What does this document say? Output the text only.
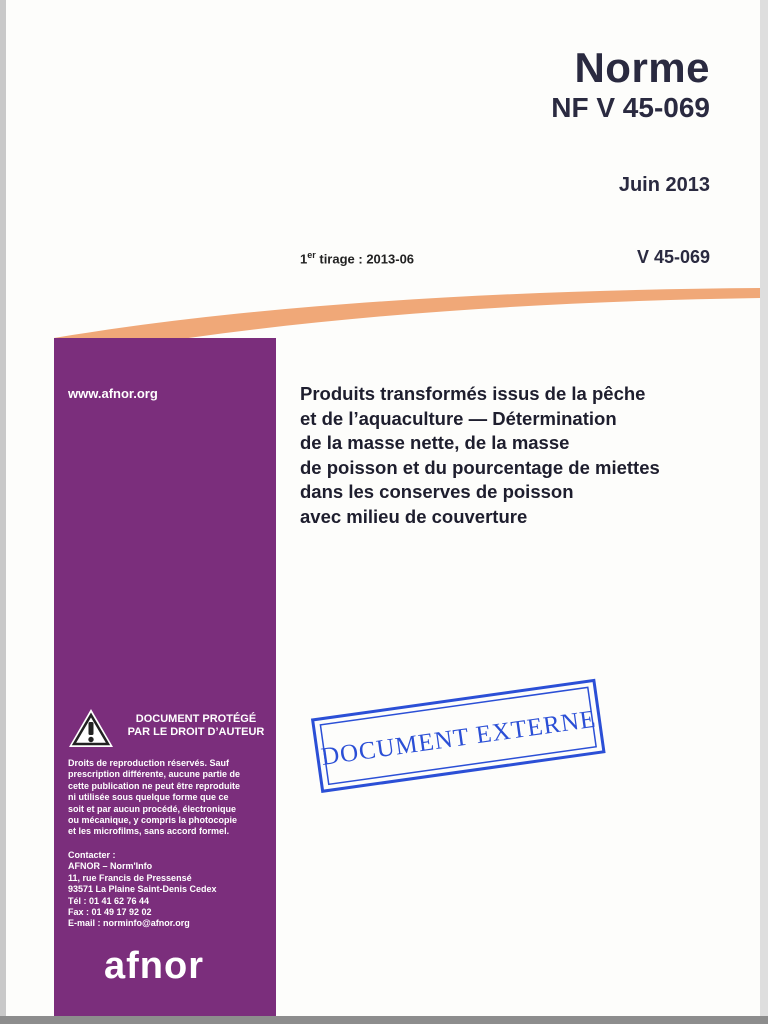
Norme
NF V 45-069
Juin 2013
1er tirage : 2013-06	V 45-069
www.afnor.org
DOCUMENT PROTÉGÉ
PAR LE DROIT D’AUTEUR
Droits de reproduction réservés. Sauf
prescription différente, aucune partie de
cette publication ne peut être reproduite
ni utilisée sous quelque forme que ce
soit et par aucun procédé, électronique
ou mécanique, y compris la photocopie
et les microfilms, sans accord formel.
Contacter :
AFNOR – Norm'Info
11, rue Francis de Pressensé
93571 La Plaine Saint-Denis Cedex
Tél : 01 41 62 76 44
Fax : 01 49 17 92 02
E-mail : norminfo@afnor.org
afnor
Produits transformés issus de la pêche
et de l’aquaculture — Détermination
de la masse nette, de la masse
de poisson et du pourcentage de miettes
dans les conserves de poisson
avec milieu de couverture
DOCUMENT EXTERNE
